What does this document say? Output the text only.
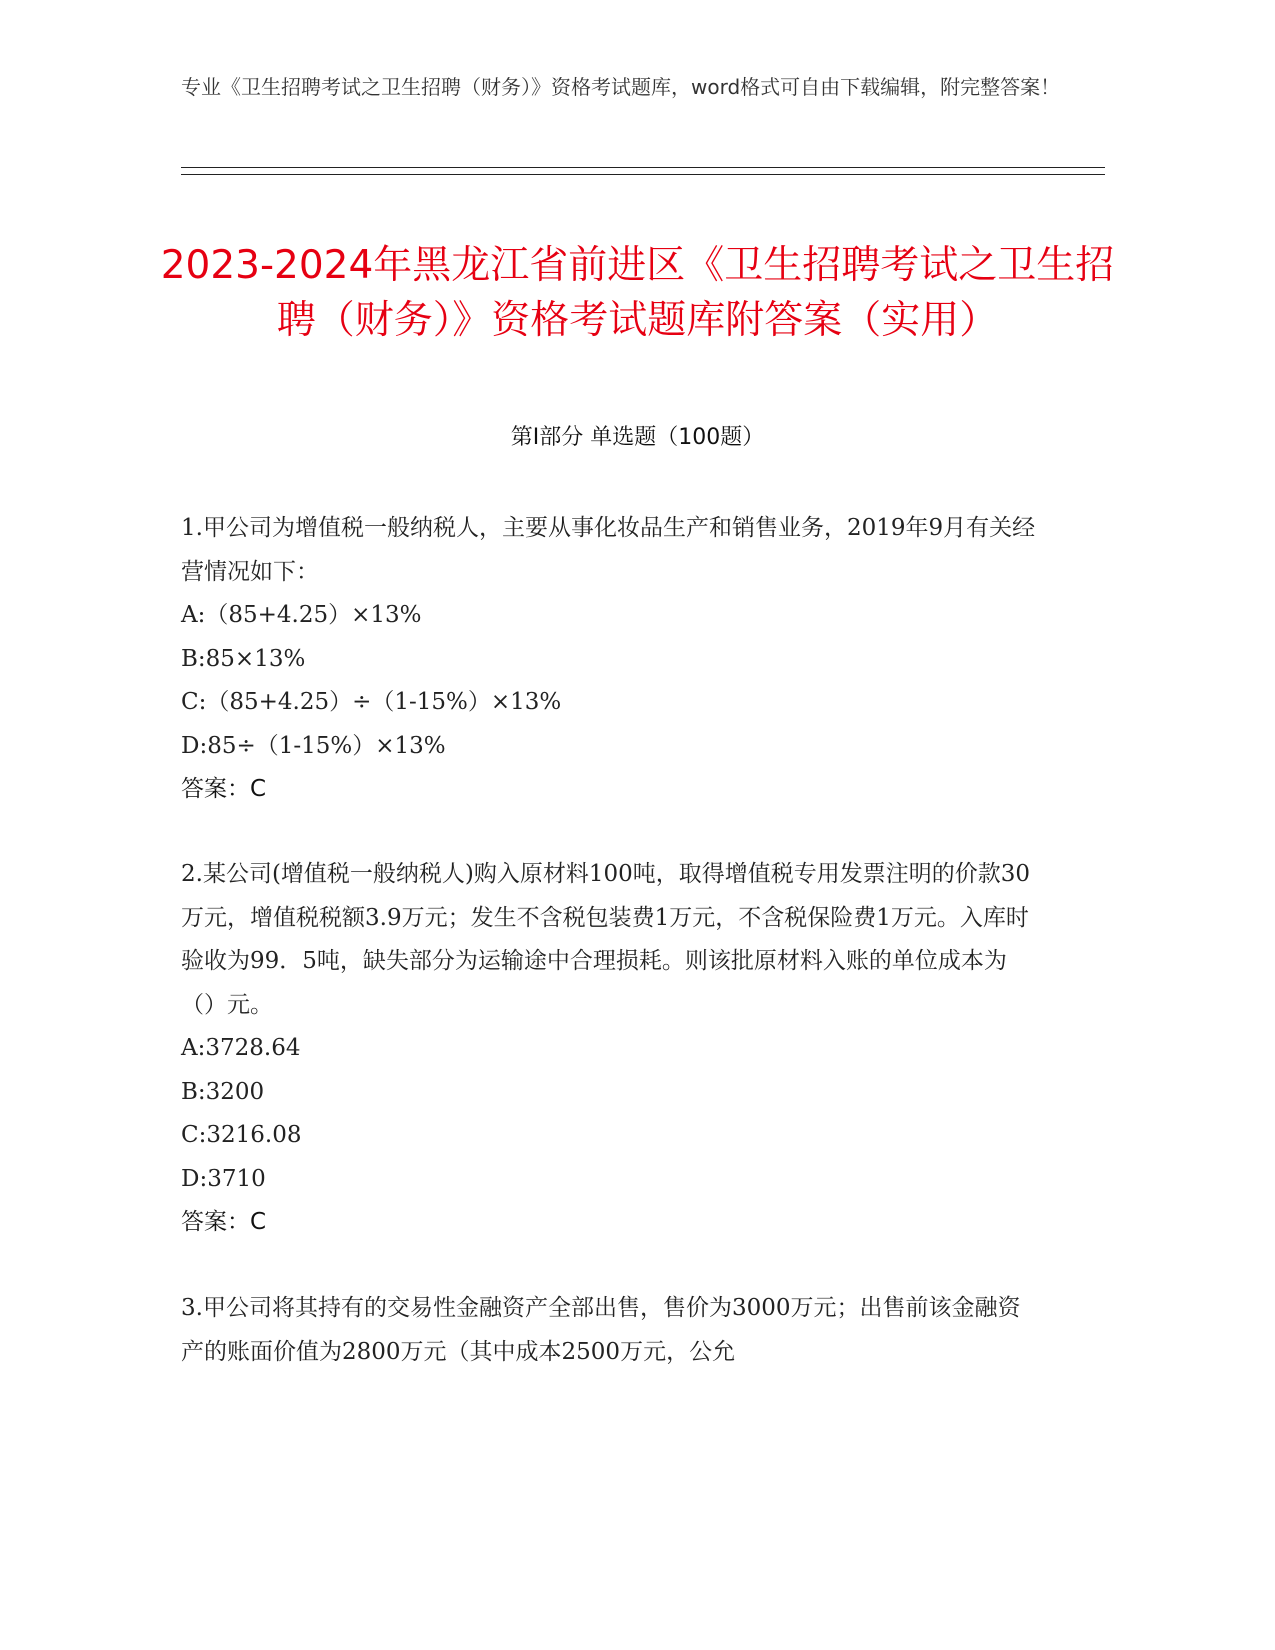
专业《卫生招聘考试之卫生招聘（财务）》资格考试题库，word格式可自由下载编辑，附完整答案！
2023-2024年黑龙江省前进区《卫生招聘考试之卫生招聘（财务）》资格考试题库附答案（实用）
第Ⅰ部分 单选题（100题）
1.甲公司为增值税一般纳税人，主要从事化妆品生产和销售业务，2019年9月有关经营情况如下：
A:（85+4.25）×13%
B:85×13%
C:（85+4.25）÷（1-15%）×13%
D:85÷（1-15%）×13%
答案：C
2.某公司(增值税一般纳税人)购入原材料100吨，取得增值税专用发票注明的价款30万元，增值税税额3.9万元；发生不含税包装费1万元，不含税保险费1万元。入库时验收为99．5吨，缺失部分为运输途中合理损耗。则该批原材料入账的单位成本为（）元。
A:3728.64
B:3200
C:3216.08
D:3710
答案：C
3.甲公司将其持有的交易性金融资产全部出售，售价为3000万元；出售前该金融资产的账面价值为2800万元（其中成本2500万元，公允
